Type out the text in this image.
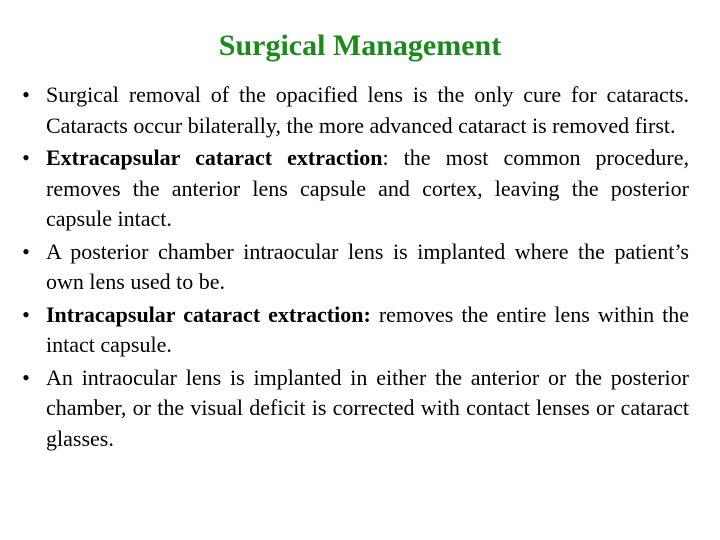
Surgical Management
• Surgical removal of the opacified lens is the only cure for cataracts. Cataracts occur bilaterally, the more advanced cataract is removed first.
• Extracapsular cataract extraction: the most common procedure, removes the anterior lens capsule and cortex, leaving the posterior capsule intact.
• A posterior chamber intraocular lens is implanted where the patient’s own lens used to be.
• Intracapsular cataract extraction: removes the entire lens within the intact capsule.
• An intraocular lens is implanted in either the anterior or the posterior chamber, or the visual deficit is corrected with contact lenses or cataract glasses.
